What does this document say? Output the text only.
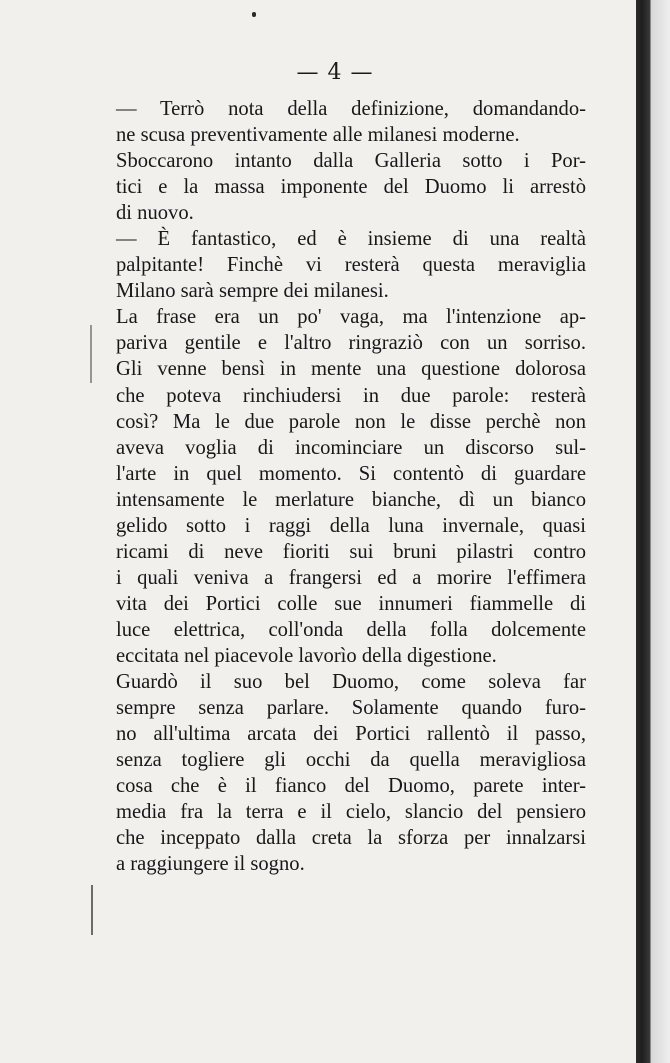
— 4 —
— Terrò nota della definizione, domandando-
ne scusa preventivamente alle milanesi moderne.
Sboccarono intanto dalla Galleria sotto i Por-
tici e la massa imponente del Duomo li arrestò
di nuovo.
— È fantastico, ed è insieme di una realtà
palpitante! Finchè vi resterà questa meraviglia
Milano sarà sempre dei milanesi.
La frase era un po' vaga, ma l'intenzione ap-
pariva gentile e l'altro ringraziò con un sorriso.
Gli venne bensì in mente una questione dolorosa
che poteva rinchiudersi in due parole: resterà
così? Ma le due parole non le disse perchè non
aveva voglia di incominciare un discorso sul-
l'arte in quel momento. Si contentò di guardare
intensamente le merlature bianche, dì un bianco
gelido sotto i raggi della luna invernale, quasi
ricami di neve fioriti sui bruni pilastri contro
i quali veniva a frangersi ed a morire l'effimera
vita dei Portici colle sue innumeri fiammelle di
luce elettrica, coll'onda della folla dolcemente
eccitata nel piacevole lavorìo della digestione.
Guardò il suo bel Duomo, come soleva far
sempre senza parlare. Solamente quando furo-
no all'ultima arcata dei Portici rallentò il passo,
senza togliere gli occhi da quella meravigliosa
cosa che è il fianco del Duomo, parete inter-
media fra la terra e il cielo, slancio del pensiero
che inceppato dalla creta la sforza per innalzarsi
a raggiungere il sogno.
